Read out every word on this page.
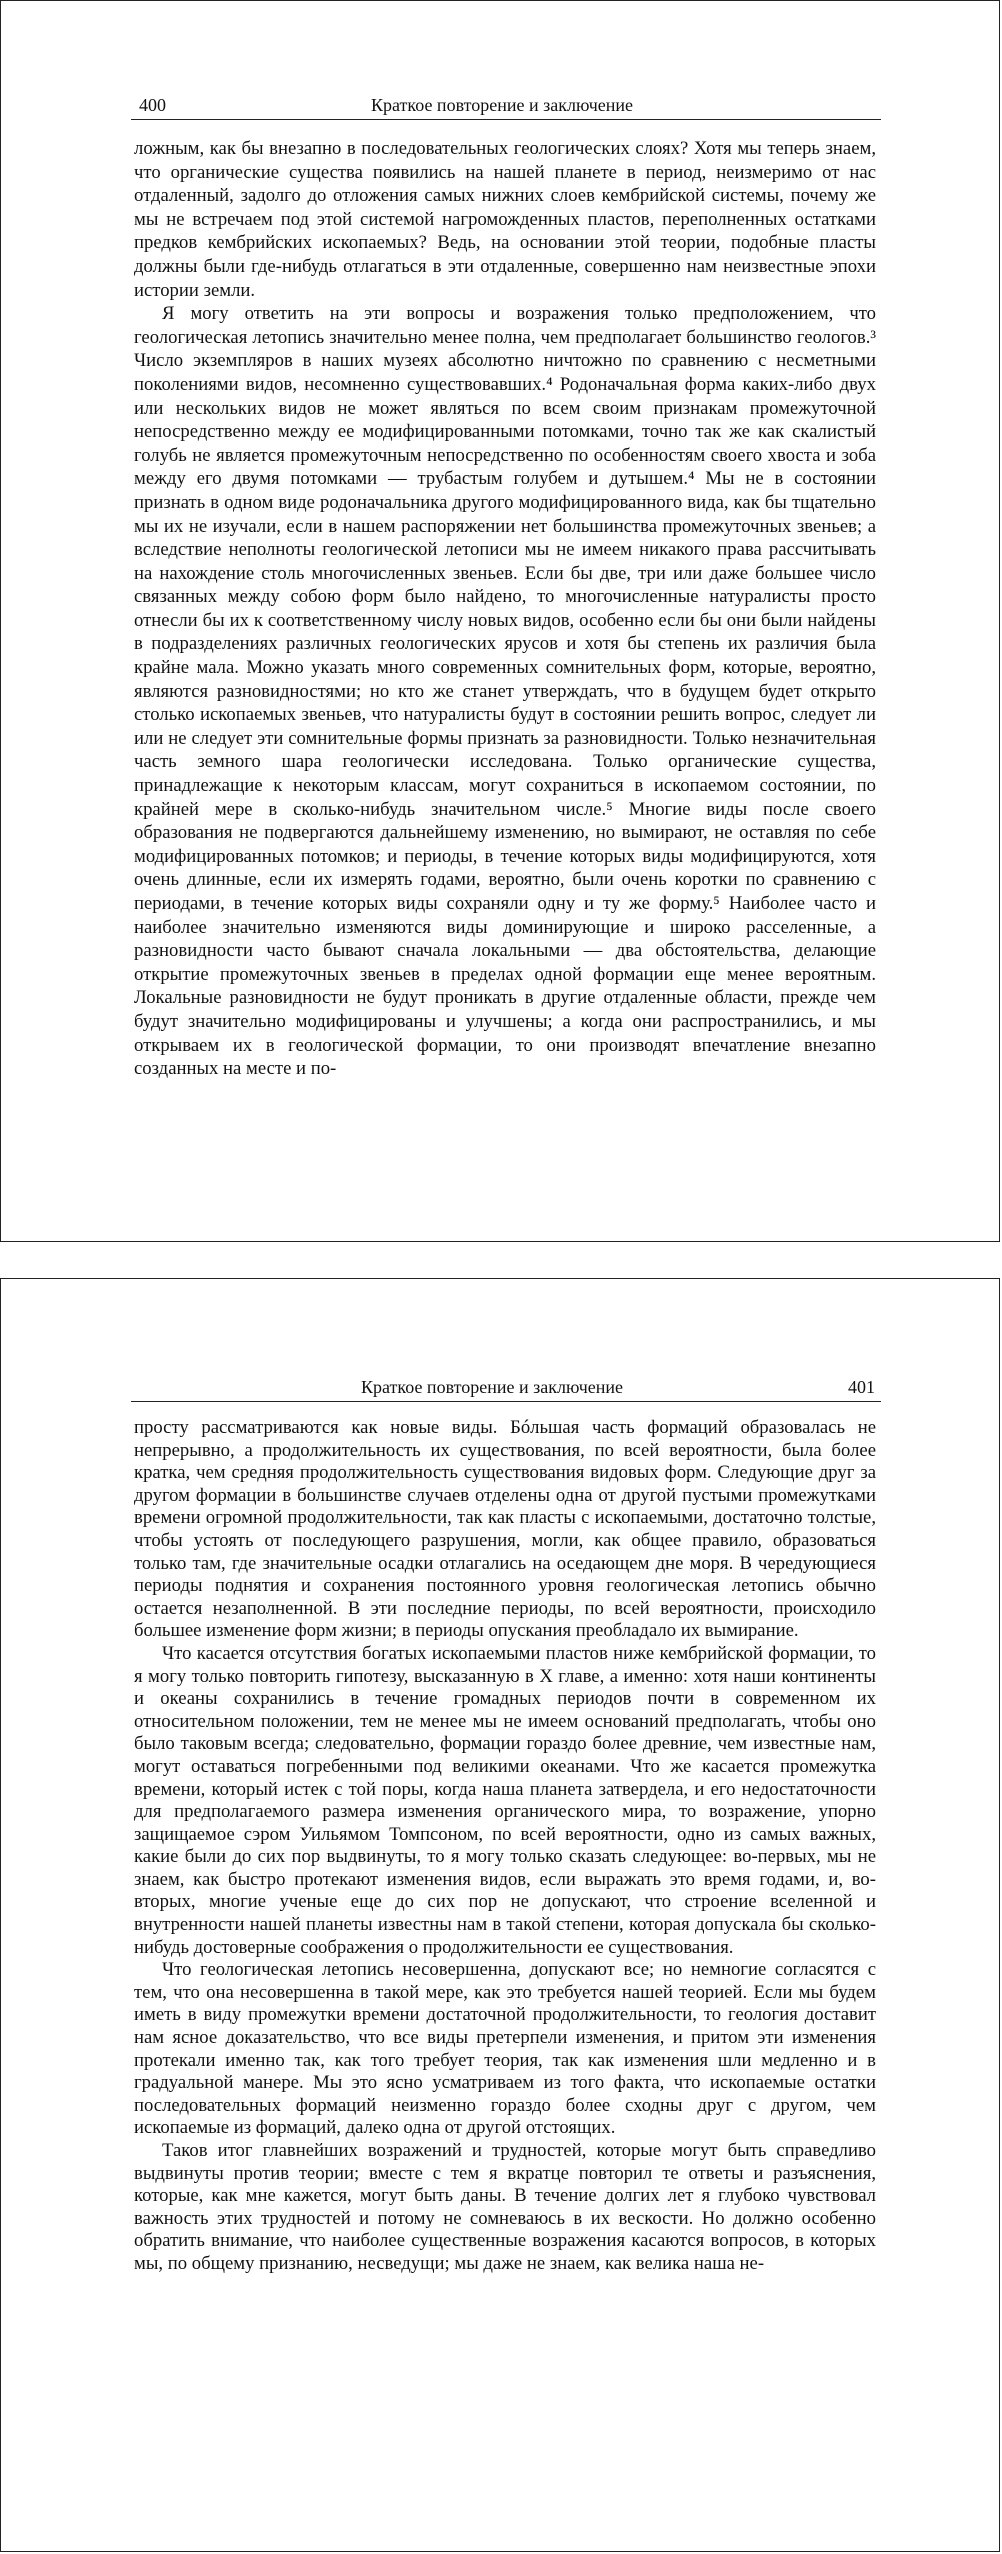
400	Краткое повторение и заключение

ложным, как бы внезапно в последовательных геологических слоях? Хотя мы теперь знаем, что органические существа появились на нашей планете в период, неизмеримо от нас отдаленный, задолго до отложения самых нижних слоев кембрийской системы, почему же мы не встречаем под этой системой нагроможденных пластов, переполненных остатками предков кембрийских ископаемых? Ведь, на основании этой теории, подобные пласты должны были где-нибудь отлагаться в эти отдаленные, совершенно нам неизвестные эпохи истории земли.

Я могу ответить на эти вопросы и возражения только предположением, что геологическая летопись значительно менее полна, чем предполагает большинство геологов.³ Число экземпляров в наших музеях абсолютно ничтожно по сравнению с несметными поколениями видов, несомненно существовавших.⁴ Родоначальная форма каких-либо двух или нескольких видов не может являться по всем своим признакам промежуточной непосредственно между ее модифицированными потомками, точно так же как скалистый голубь не является промежуточным непосредственно по особенностям своего хвоста и зоба между его двумя потомками — трубастым голубем и дутышем.⁴ Мы не в состоянии признать в одном виде родоначальника другого модифицированного вида, как бы тщательно мы их не изучали, если в нашем распоряжении нет большинства промежуточных звеньев; а вследствие неполноты геологической летописи мы не имеем никакого права рассчитывать на нахождение столь многочисленных звеньев. Если бы две, три или даже большее число связанных между собою форм было найдено, то многочисленные натуралисты просто отнесли бы их к соответственному числу новых видов, особенно если бы они были найдены в подразделениях различных геологических ярусов и хотя бы степень их различия была крайне мала. Можно указать много современных сомнительных форм, которые, вероятно, являются разновидностями; но кто же станет утверждать, что в будущем будет открыто столько ископаемых звеньев, что натуралисты будут в состоянии решить вопрос, следует ли или не следует эти сомнительные формы признать за разновидности. Только незначительная часть земного шара геологически исследована. Только органические существа, принадлежащие к некоторым классам, могут сохраниться в ископаемом состоянии, по крайней мере в сколько-нибудь значительном числе.⁵ Многие виды после своего образования не подвергаются дальнейшему изменению, но вымирают, не оставляя по себе модифицированных потомков; и периоды, в течение которых виды модифицируются, хотя очень длинные, если их измерять годами, вероятно, были очень коротки по сравнению с периодами, в течение которых виды сохраняли одну и ту же форму.⁵ Наиболее часто и наиболее значительно изменяются виды доминирующие и широко расселенные, а разновидности часто бывают сначала локальными — два обстоятельства, делающие открытие промежуточных звеньев в пределах одной формации еще менее вероятным. Локальные разновидности не будут проникать в другие отдаленные области, прежде чем будут значительно модифицированы и улучшены; а когда они распространились, и мы открываем их в геологической формации, то они производят впечатление внезапно созданных на месте и по-

Краткое повторение и заключение	401

просту рассматриваются как новые виды. Бóльшая часть формаций образовалась не непрерывно, а продолжительность их существования, по всей вероятности, была более кратка, чем средняя продолжительность существования видовых форм. Следующие друг за другом формации в большинстве случаев отделены одна от другой пустыми промежутками времени огромной продолжительности, так как пласты с ископаемыми, достаточно толстые, чтобы устоять от последующего разрушения, могли, как общее правило, образоваться только там, где значительные осадки отлагались на оседающем дне моря. В чередующиеся периоды поднятия и сохранения постоянного уровня геологическая летопись обычно остается незаполненной. В эти последние периоды, по всей вероятности, происходило большее изменение форм жизни; в периоды опускания преобладало их вымирание.

Что касается отсутствия богатых ископаемыми пластов ниже кембрийской формации, то я могу только повторить гипотезу, высказанную в X главе, а именно: хотя наши континенты и океаны сохранились в течение громадных периодов почти в современном их относительном положении, тем не менее мы не имеем оснований предполагать, чтобы оно было таковым всегда; следовательно, формации гораздо более древние, чем известные нам, могут оставаться погребенными под великими океанами. Что же касается промежутка времени, который истек с той поры, когда наша планета затвердела, и его недостаточности для предполагаемого размера изменения органического мира, то возражение, упорно защищаемое сэром Уильямом Томпсоном, по всей вероятности, одно из самых важных, какие были до сих пор выдвинуты, то я могу только сказать следующее: во-первых, мы не знаем, как быстро протекают изменения видов, если выражать это время годами, и, во-вторых, многие ученые еще до сих пор не допускают, что строение вселенной и внутренности нашей планеты известны нам в такой степени, которая допускала бы сколько-нибудь достоверные соображения о продолжительности ее существования.

Что геологическая летопись несовершенна, допускают все; но немногие согласятся с тем, что она несовершенна в такой мере, как это требуется нашей теорией. Если мы будем иметь в виду промежутки времени достаточной продолжительности, то геология доставит нам ясное доказательство, что все виды претерпели изменения, и притом эти изменения протекали именно так, как того требует теория, так как изменения шли медленно и в градуальной манере. Мы это ясно усматриваем из того факта, что ископаемые остатки последовательных формаций неизменно гораздо более сходны друг с другом, чем ископаемые из формаций, далеко одна от другой отстоящих.

Таков итог главнейших возражений и трудностей, которые могут быть справедливо выдвинуты против теории; вместе с тем я вкратце повторил те ответы и разъяснения, которые, как мне кажется, могут быть даны. В течение долгих лет я глубоко чувствовал важность этих трудностей и потому не сомневаюсь в их вескости. Но должно особенно обратить внимание, что наиболее существенные возражения касаются вопросов, в которых мы, по общему признанию, несведущи; мы даже не знаем, как велика наша не-
